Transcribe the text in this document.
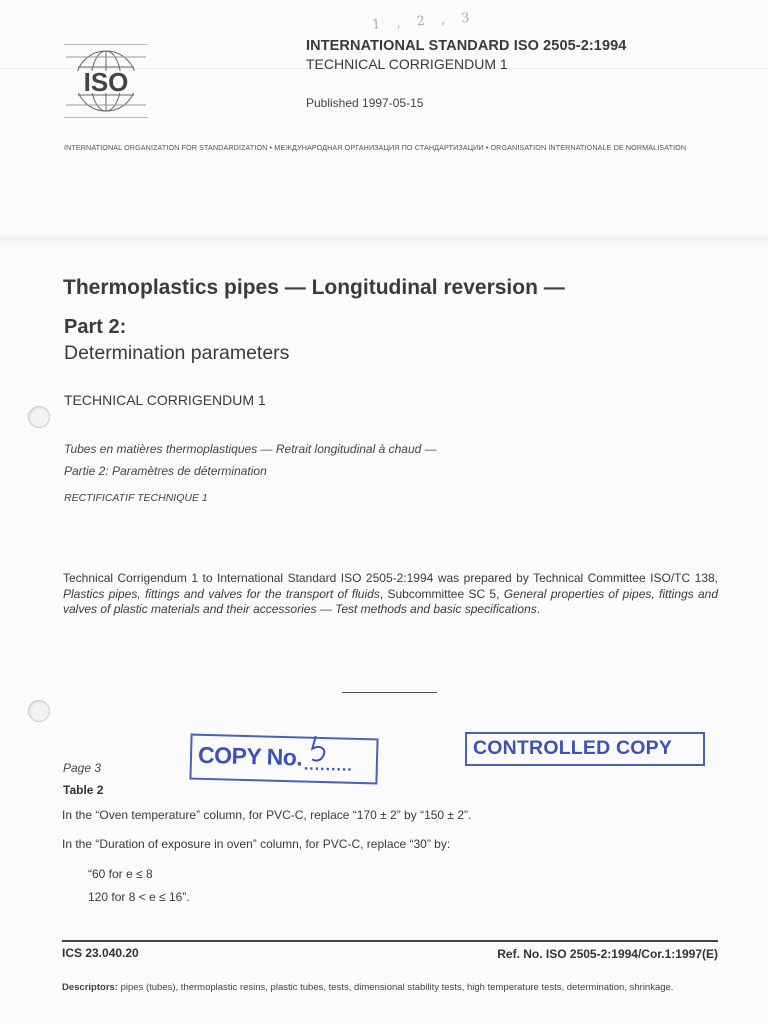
1 , 2 , 3
ISO
INTERNATIONAL STANDARD ISO 2505-2:1994
TECHNICAL CORRIGENDUM 1
Published 1997-05-15
INTERNATIONAL ORGANIZATION FOR STANDARDIZATION • МЕЖДУНАРОДНАЯ ОРГАНИЗАЦИЯ ПО СТАНДАРТИЗАЦИИ • ORGANISATION INTERNATIONALE DE NORMALISATION
Thermoplastics pipes — Longitudinal reversion —
Part 2:
Determination parameters
TECHNICAL CORRIGENDUM 1
Tubes en matières thermoplastiques — Retrait longitudinal à chaud —
Partie 2: Paramètres de détermination
RECTIFICATIF TECHNIQUE 1
Technical Corrigendum 1 to International Standard ISO 2505-2:1994 was prepared by Technical Committee ISO/TC 138, Plastics pipes, fittings and valves for the transport of fluids, Subcommittee SC 5, General properties of pipes, fittings and valves of plastic materials and their accessories — Test methods and basic specifications.
COPY No. .........
CONTROLLED COPY
Page 3
Table 2
In the “Oven temperature” column, for PVC-C, replace “170 ± 2” by “150 ± 2”.
In the “Duration of exposure in oven” column, for PVC-C, replace “30” by:
“60 for e ≤ 8
120 for 8 < e ≤ 16”.
ICS 23.040.20	Ref. No. ISO 2505-2:1994/Cor.1:1997(E)
Descriptors: pipes (tubes), thermoplastic resins, plastic tubes, tests, dimensional stability tests, high temperature tests, determination, shrinkage.
